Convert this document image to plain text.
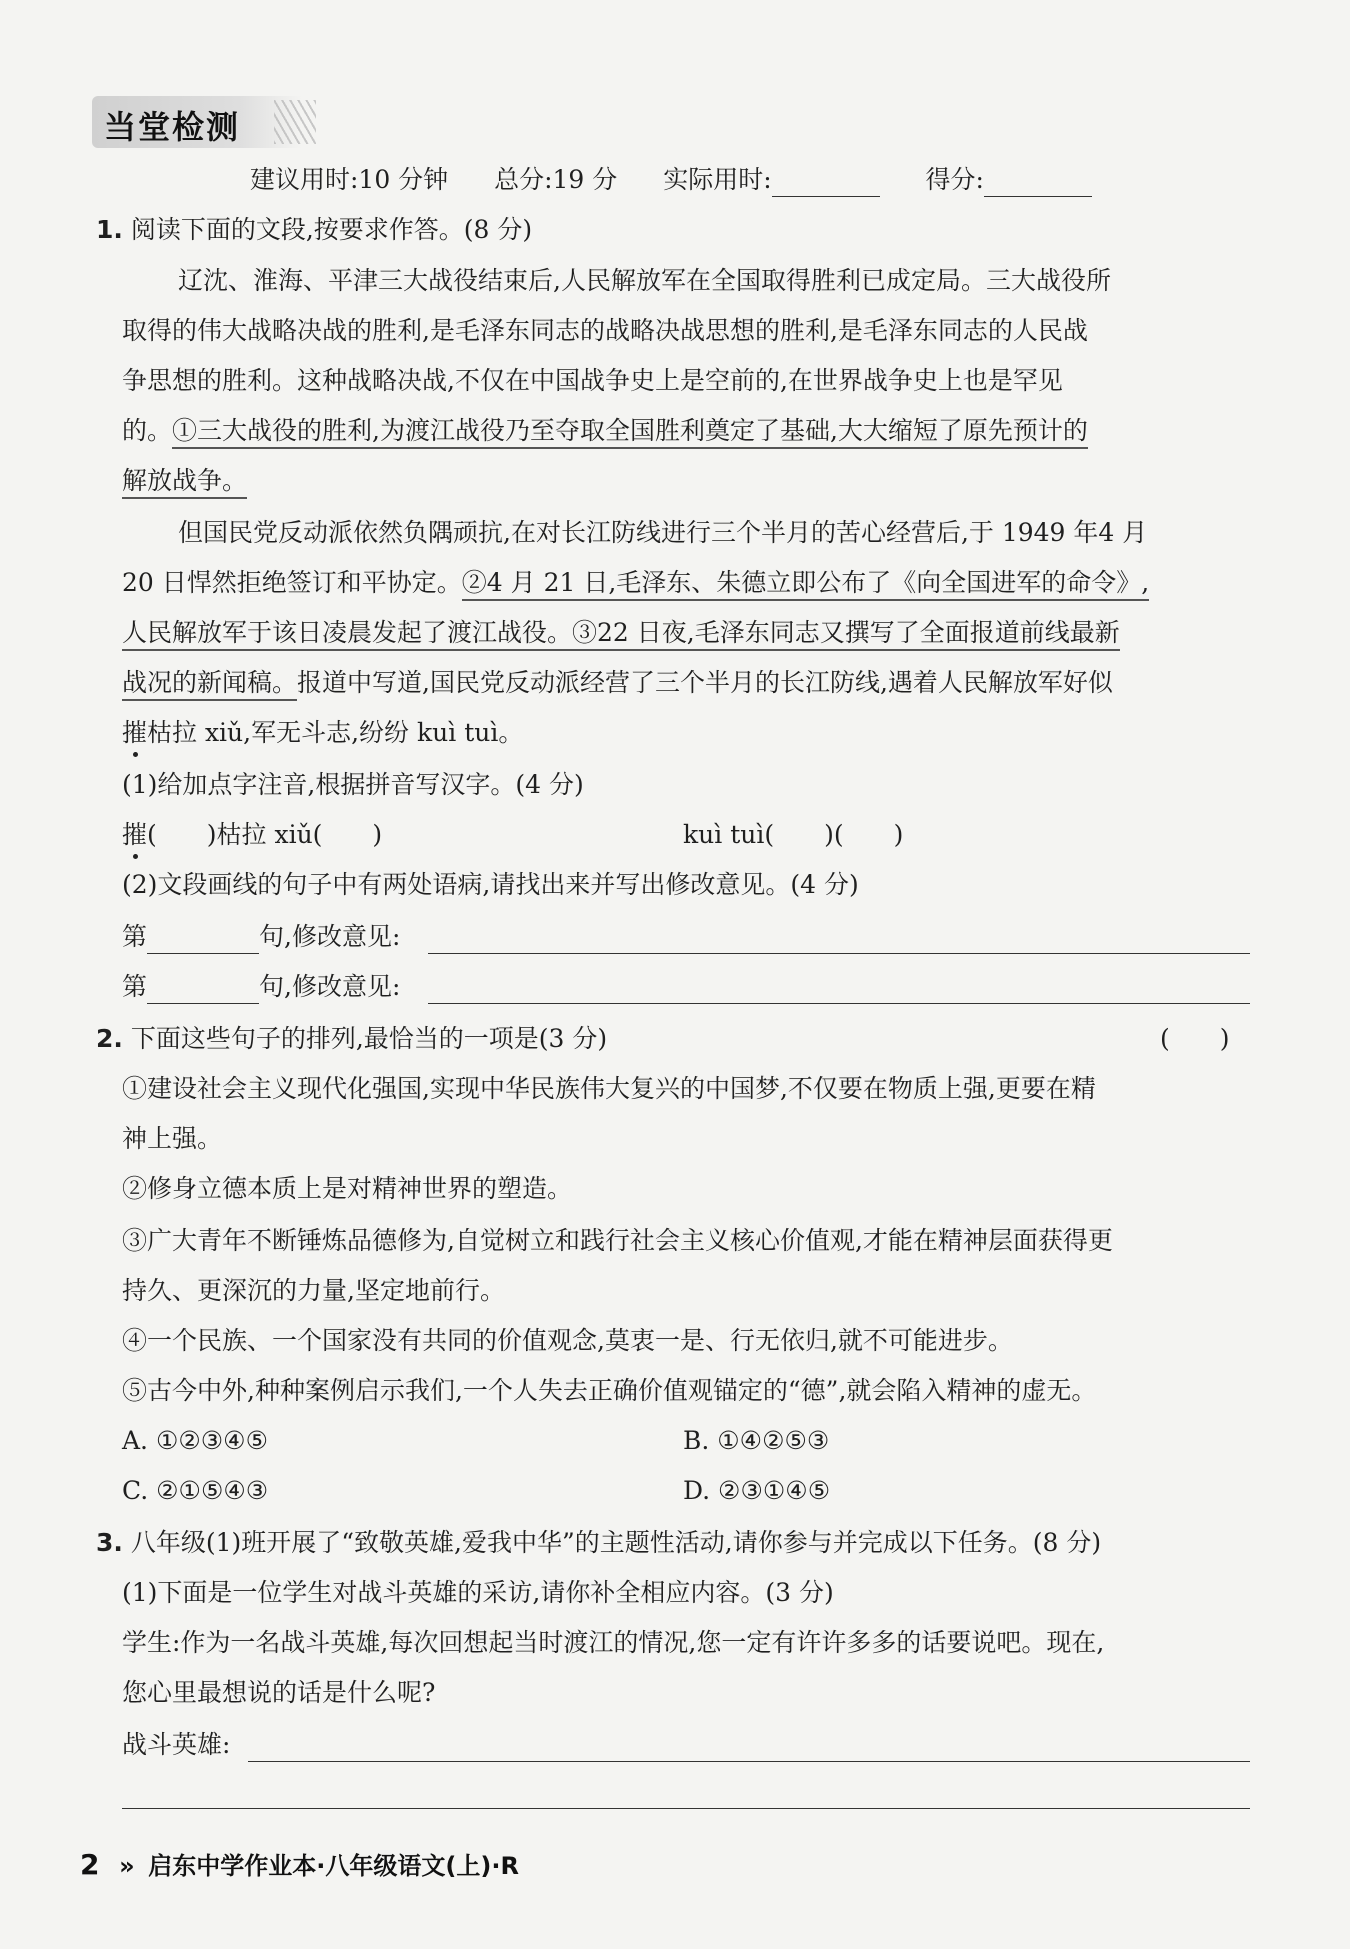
当堂检测
建议用时:10 分钟 总分:19 分 实际用时:	得分:
1. 阅读下面的文段,按要求作答。(8 分)
辽沈、淮海、平津三大战役结束后,人民解放军在全国取得胜利已成定局。三大战役所
取得的伟大战略决战的胜利,是毛泽东同志的战略决战思想的胜利,是毛泽东同志的人民战
争思想的胜利。这种战略决战,不仅在中国战争史上是空前的,在世界战争史上也是罕见
的。①三大战役的胜利,为渡江战役乃至夺取全国胜利奠定了基础,大大缩短了原先预计的
解放战争。
但国民党反动派依然负隅顽抗,在对长江防线进行三个半月的苦心经营后,于 1949 年4 月
20 日悍然拒绝签订和平协定。②4 月 21 日,毛泽东、朱德立即公布了《向全国进军的命令》,
人民解放军于该日凌晨发起了渡江战役。③22 日夜,毛泽东同志又撰写了全面报道前线最新
战况的新闻稿。报道中写道,国民党反动派经营了三个半月的长江防线,遇着人民解放军好似
摧枯拉 xiǔ,军无斗志,纷纷 kuì tuì。
(1)给加点字注音,根据拼音写汉字。(4 分)
摧(　　)枯拉 xiǔ(　　)	kuì tuì(　　)(　　)
(2)文段画线的句子中有两处语病,请找出来并写出修改意见。(4 分)
第	句,修改意见:
第	句,修改意见:
2. 下面这些句子的排列,最恰当的一项是(3 分)	(　　)
①建设社会主义现代化强国,实现中华民族伟大复兴的中国梦,不仅要在物质上强,更要在精
神上强。
②修身立德本质上是对精神世界的塑造。
③广大青年不断锤炼品德修为,自觉树立和践行社会主义核心价值观,才能在精神层面获得更
持久、更深沉的力量,坚定地前行。
④一个民族、一个国家没有共同的价值观念,莫衷一是、行无依归,就不可能进步。
⑤古今中外,种种案例启示我们,一个人失去正确价值观锚定的“德”,就会陷入精神的虚无。
A. ①②③④⑤	B. ①④②⑤③
C. ②①⑤④③	D. ②③①④⑤
3. 八年级(1)班开展了“致敬英雄,爱我中华”的主题性活动,请你参与并完成以下任务。(8 分)
(1)下面是一位学生对战斗英雄的采访,请你补全相应内容。(3 分)
学生:作为一名战斗英雄,每次回想起当时渡江的情况,您一定有许许多多的话要说吧。现在,
您心里最想说的话是什么呢?
战斗英雄:
2 » 启东中学作业本·八年级语文(上)·R
